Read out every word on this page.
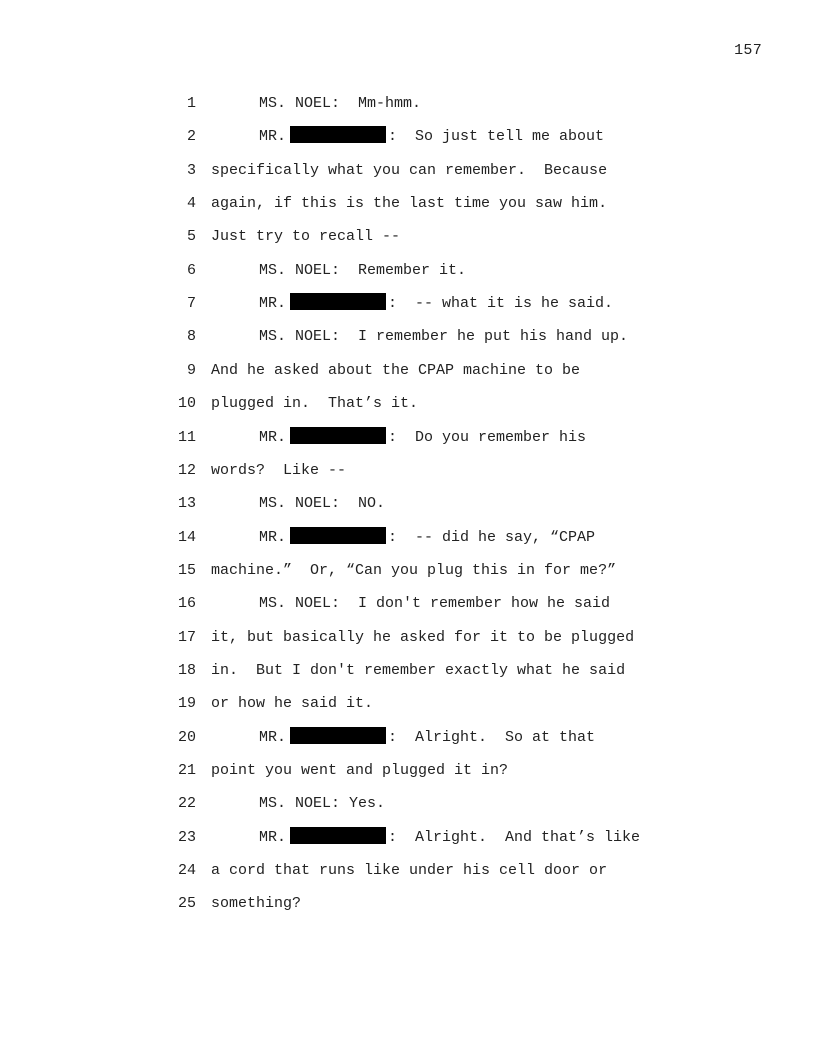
157
1	MS. NOEL:  Mm-hmm.
2	MR.	:  So just tell me about
3 specifically what you can remember.  Because
4 again, if this is the last time you saw him.
5 Just try to recall --
6	MS. NOEL:  Remember it.
7	MR.	:  -- what it is he said.
8	MS. NOEL:  I remember he put his hand up.
9 And he asked about the CPAP machine to be
10 plugged in.  That’s it.
11	MR.	:  Do you remember his
12 words?  Like --
13	MS. NOEL:  NO.
14	MR.	:  -- did he say, “CPAP
15 machine.”  Or, “Can you plug this in for me?”
16	MS. NOEL:  I don't remember how he said
17 it, but basically he asked for it to be plugged
18 in.  But I don't remember exactly what he said
19 or how he said it.
20	MR.	:  Alright.  So at that
21 point you went and plugged it in?
22	MS. NOEL: Yes.
23	MR.	:  Alright.  And that’s like
24 a cord that runs like under his cell door or
25 something?
